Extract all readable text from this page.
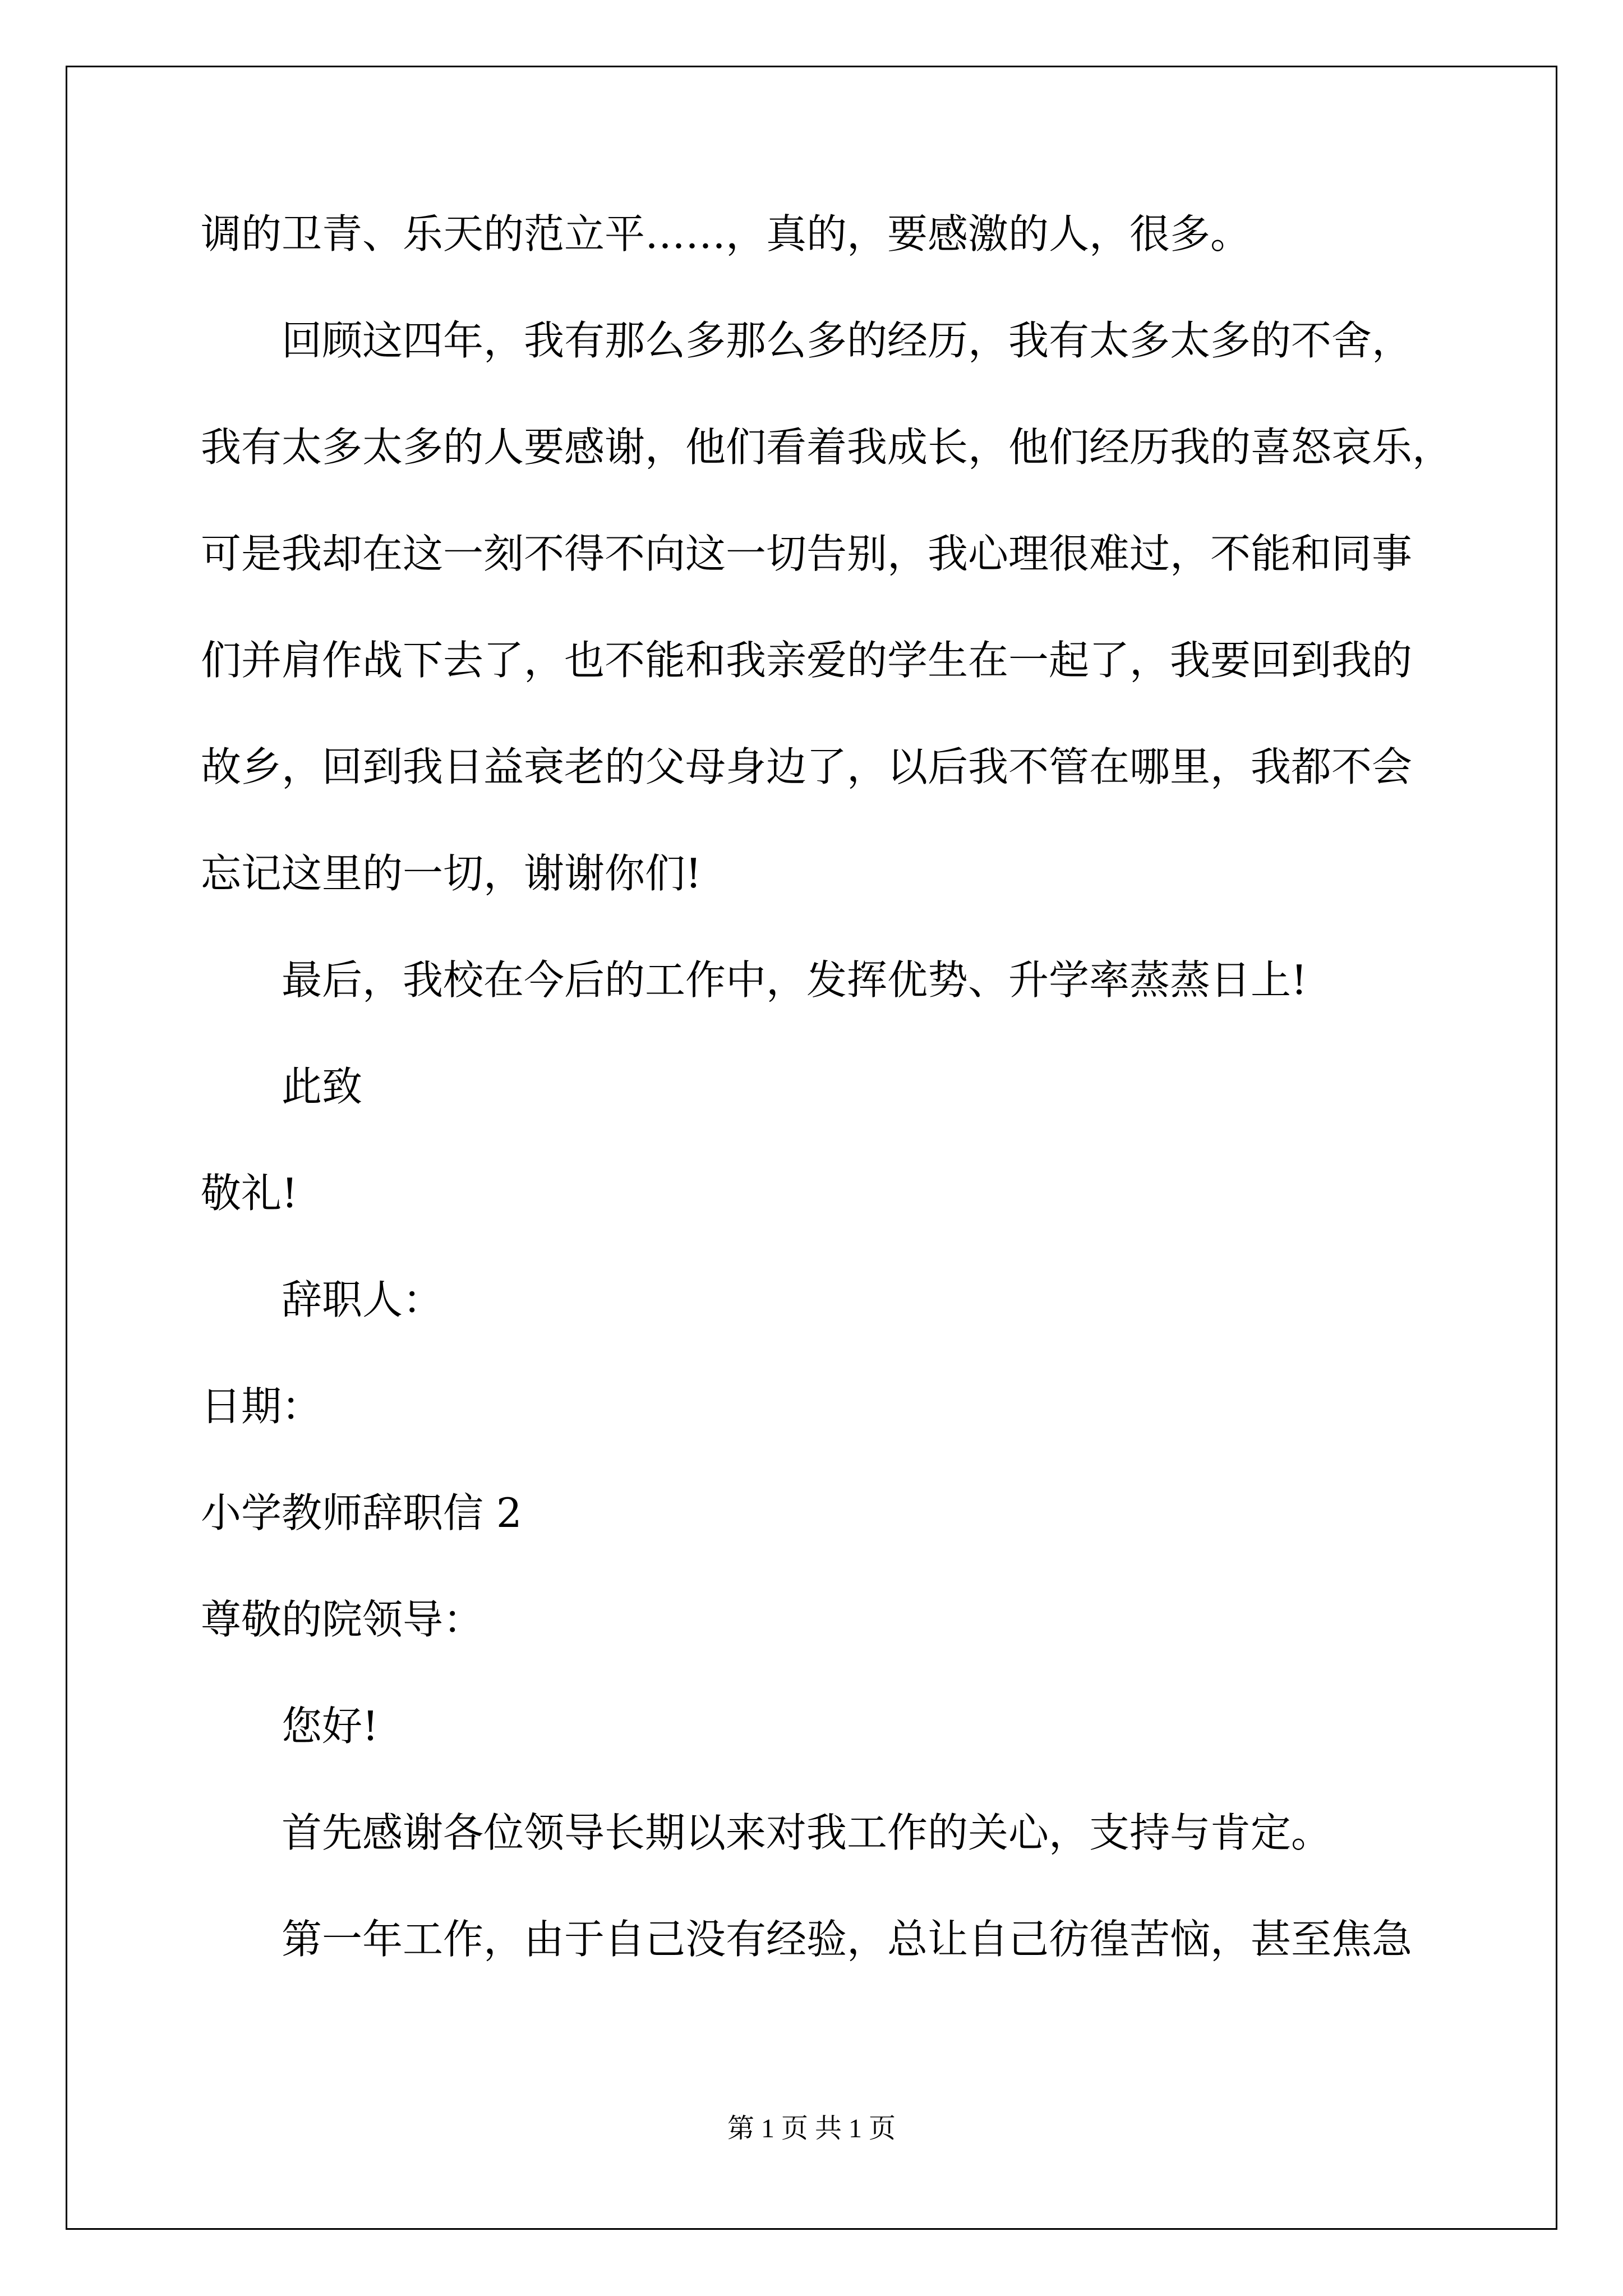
调的卫青、乐天的范立平……，真的，要感激的人，很多。
回顾这四年，我有那么多那么多的经历，我有太多太多的不舍，
我有太多太多的人要感谢，他们看着我成长，他们经历我的喜怒哀乐，
可是我却在这一刻不得不向这一切告别，我心理很难过，不能和同事
们并肩作战下去了，也不能和我亲爱的学生在一起了，我要回到我的
故乡，回到我日益衰老的父母身边了，以后我不管在哪里，我都不会
忘记这里的一切，谢谢你们!
最后，我校在今后的工作中，发挥优势、升学率蒸蒸日上!
此致
敬礼!
辞职人：
日期：
小学教师辞职信 2
尊敬的院领导：
您好!
首先感谢各位领导长期以来对我工作的关心，支持与肯定。
第一年工作，由于自己没有经验，总让自己彷徨苦恼，甚至焦急
第 1 页 共 1 页
